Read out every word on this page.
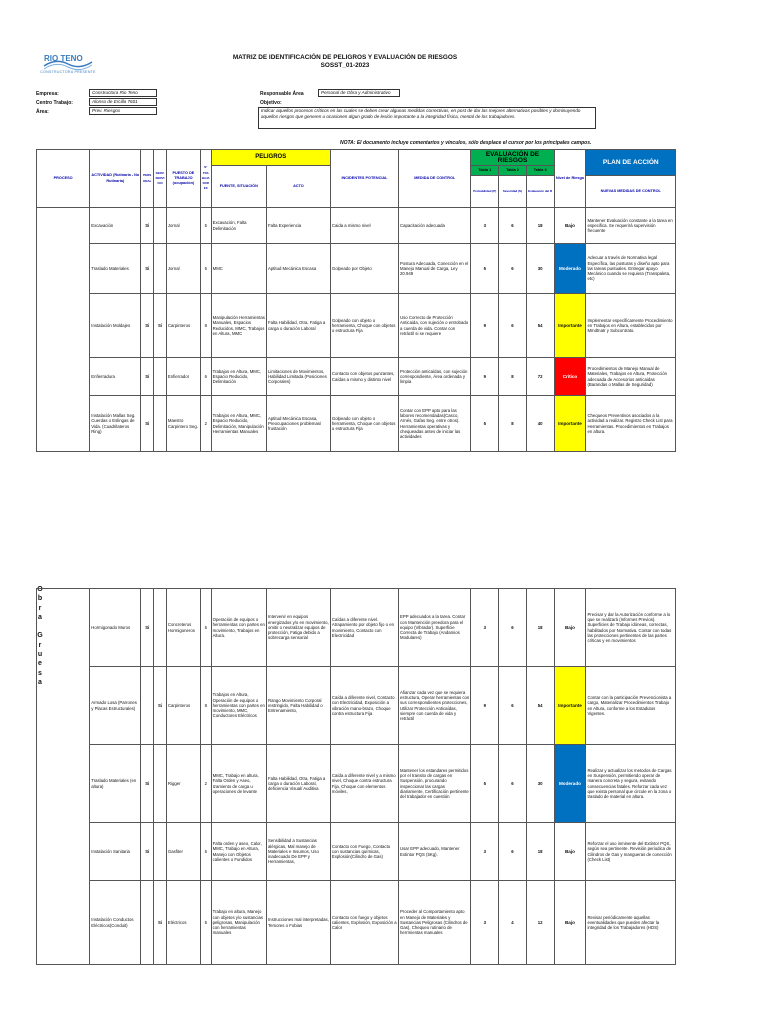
RIO TENO
CONSTRUCTORA PRESENTE
MATRIZ DE IDENTIFICACIÓN DE PELIGROS Y EVALUACIÓN DE RIESGOS
SOSST_01-2023
Empresa:	Constructora Rio Teno
Centro Trabajo:	Alonso de Ercilla 7601
Área:	Prev. Riesgos
Responsable Área	Personal de Obra y Administrativo
Objetivo:
Indicar aquellos procesos críticos en las cuales se deben crear algunas medidas correctivas, en post de dar las mejores alternativas posibles y dominuyendo aquellos riesgos que generen u ocasionen algun grado de lesión importante a la integridad física, mental de los trabajadores.
NOTA: El documento incluye comentarios y vínculos, sólo desplace el cursor por los principales campos.
PROCESO	ACTIVIDAD (Rutinaria - No Rutinaria)	PERSONAL	SERV. SERVICIO	PUESTO DE TRABAJO (ocupación)	N° TRABAJADORES	PELIGROS		INCIDENTES POTENCIAL	MEDIDA DE CONTROL	EVALUACIÓN DE RIESGOS			Nivel de Riesgo	PLAN DE ACCIÓN
						FUENTE, SITUACIÓN	ACTO			Tabla 1	Tabla 2	Tabla 3		
										Probabilidad (P)	Severidad (S)	Evaluación del R		NUEVAS MEDIDAS DE CONTROL
	Excavación	Si		Jornal	5	Excavación, Falta Delimitación	Falta Experiencia	Caida a mismo nivel	Capacitación adecuada	3	6	18	Bajo	Mantener Evaluación constante a la tarea en especifica. Se requerirá supervisión frecuente
	Traslado Materiales	Si		Jornal	5	MMC	Aptitud Mecánica Escasa	Golpeado por Objeto	Postura Adecuada, Conección en el Manejo Manual de Carga, Ley 20.949	5	6	30	Moderado	Adecuar a través de Normativa legal Específica, las posturas y diseño apto para las tareas puntuales. Entregar apoyo Mecánico cuando se requiera (Transpaleta, etc)
	Instalación Moldajes	Si	Si	Carpinteros	8	Manipulación Herramientas Manuales, Espacios Reducidos, MMC, Trabajos en Altura, MMC	Falta Habilidad, Otra, Fatiga a carga o duración Laboral	Golpeado con objeto o herramienta, Choque con objetos o estructura Fija	Uso Correcto de Protección Anticaida, con sujeción o entrobado a cuerda de vida. Contar con retráctil si se requiere	9	6	54	Importante	Implementar específicamente Procedimiento en Trabajos en Altura, establecidos por Mmdtnatr y Subcontrato.
	Enfierradura	Si		Enfierrador	6	Trabajos en Altura, MMC, Espacio Reducido, Delimitación	Limitaciones de Movimientos, Habilidad Limitada (Posiciones Corporales)	Contacto con objetos punzantes, Caídas a mismo y distinto nivel	Protección anticaídas, con sujeción correspondiente, Área ordenada y limpia	9	8	72	Crítico	Procedimientos de Manejo Manual de Materiales, Trabajos en Altura, Protección adecuada de Accesorios anticaidas (Barandas o Mallas de Seguridad)
	Instalación Mallas Seg. Cuerdas o Eslingas de Vida. (Cuadrilateros Ring)	Si		Maestro Carpintero Seg.	2	Trabajos en Altura, MMC, Espacio Reducido, Delimitación, Manipulación Herramientas Manuales	Aptitud Mecánica Escasa, Preocupaciones problemas/ frustación	Golpeado con objeto o herramienta, Choque con objetos u estructura Fija	Contar con EPP apto para las labores recomendadas(Casco, Arnés, Gafas Seg. entre otros). Herramientas operativas y chequeadas antes de iniciar las actividades	5	8	40	Importante	Chequeos Preventivos asociados a la actividad a realizar. Registro Check List para Herramientas. Procedimientos en Trabajos en altura.
O
b
r
a
G
r
u
e
s
a
	Hormigonado Muros	Si		Concreteros Hormigoneros	5	Operación de equipos o herramientas con partes en movimiento, Trabajos en Altura.	Intervenir en equipos energizados y/o en movimiento, omitir o neutralizar equipos de protección, Fatiga debido a sobrecarga sensorial	Caídas a diferente nivel. Atrapamiento por objeto fijo o en movimiento, Contacto con Electricidad	EPP adecuados a la tarea. Contar con Mantención preedora para el equipo (Vibrador). Superficie Correcta de Trabajo (Andamios Modulares)	3	6	18	Bajo	Precisar y dar la Autorización conforme a lo que se realizará (Informes Previos). Superficies de Trabajo idóneas, correctas, habilitados por Normativa. Contar con todas las protecciones pertinentes de las partes críticas y en movimientos
	Armado Losa (Parrones y Placas Estructurales)		Si	Carpinteros	8	Trabajos en Altura, Operación de equipos o herramientas con partes en movimiento, MMC, Conductores Eléctricos	Rango Movimiento Corporal restringido, Falta Habilidad o Entrenamiento,	Caída a diferente nivel, Contacto con Electricidad, Exposición a vibración mano-brazo, Choque contra estructura Fija	Afianzar cada vez que se requiera estructura, Operar herramientas con sus correspondientes protecciones, Utilizar Protección Anticaídas, siempre con cuerda de vida y retráctil	9	6	54	Importante	Contar con la participación Prevencionista a cargo, Materializar Procedimientos Trabajo en Altura, conforme a los Estadutos Vigentes.
	Traslado Materiales (en altura)	Si		Rigger	2	MMC, Trabajo en altura, Falta Orden y Aseo, Izamiento de carga u operaciones de levante	Falta Habilidad, Otra, Fatiga a carga o duración Laboral, deficiencia Visual/ Auditiva	Caída a diferente nivel y a mismo nivel, Choque contra estructura Fija, Choque con elementos móviles,	Mantener los estandares permitidos por el transito de cargas en Suspensión, procurando inspeccionar las cargas diariamente, Certificación pertinente del trabajador en cuestión	5	6	30	Moderado	Realizar y actualizar los metodos de Cargas en Suspensión, permitiendo operar de manera concreta y segura, evitando consecuencias fatales. Reforzar cada vez que exista personal que circule en la zona o traslado de material en altura.
	Instalación Sanitaria	Si		Gasfiter	5	Falta orden y aseo, Calor, MMC, Trabajo en Altura, Manejo con Objetos calientes o Fundidos	Sensibilidad a Sustancias alérgicas, Mal manejo de Materiales e Insumos, Uso inadecuado De EPP y Herramientas,	Contacto con Fuego, Contacto con sustancias químicas, Explosión(Cilindro de Gas)	Usar EPP adecuado, Mantener Extintor PQS (5Kg).	3	6	18	Bajo	Reforzar el uso inminente del Extintor PQS, según sea pertinente. Revisión periodica de Cilindros de Gas y mangueras de conección (Check List)
	Instalación Conductos Eléctricos(Conduit)		Si	Eléctricos	5	Trabajo en altura, Manejo con objetos y/o sustancias peligrosas, Manipulación con herramientas manuales	Instrucciones mal interpretadas, Temores o Fobias	Contacto con fuego y objetos calientes, Explosión, Exposición a Calor	Proceder al Comportamiento apto en Manejo de Materiales y Sustancias Peligrosas (Cilindros de Gas), Chequeo rutinario de herrmientas manuales	3	4	12	Bajo	Revisar periódicamente aquellas eventualidades que pueden afectar la integridad de los Trabajadores (HDS)
